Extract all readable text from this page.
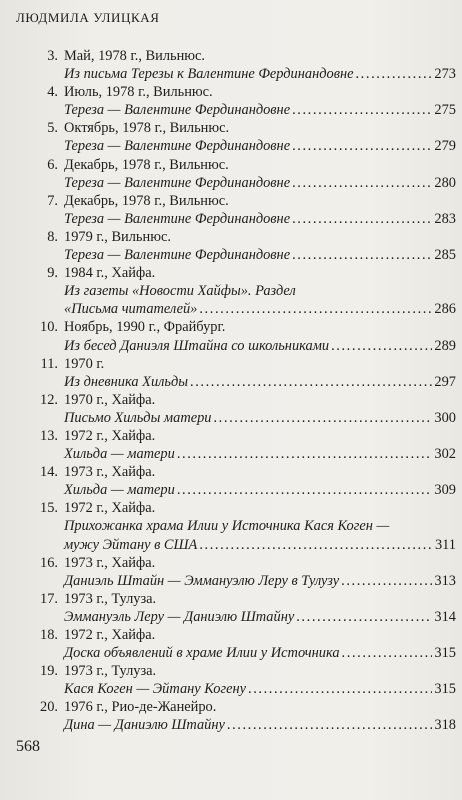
ЛЮДМИЛА УЛИЦКАЯ
3. Май, 1978 г., Вильнюс.
Из письма Терезы к Валентине Фердинандовне . . .	273
4. Июль, 1978 г., Вильнюс.
Тереза — Валентине Фердинандовне . . .	275
5. Октябрь, 1978 г., Вильнюс.
Тереза — Валентине Фердинандовне . . .	279
6. Декабрь, 1978 г., Вильнюс.
Тереза — Валентине Фердинандовне . . .	280
7. Декабрь, 1978 г., Вильнюс.
Тереза — Валентине Фердинандовне . . .	283
8. 1979 г., Вильнюс.
Тереза — Валентине Фердинандовне . . .	285
9. 1984 г., Хайфа.
Из газеты «Новости Хайфы». Раздел
«Письма читателей» . . .	286
10. Ноябрь, 1990 г., Фрайбург.
Из бесед Даниэля Штайна со школьниками . . .	289
11. 1970 г.
Из дневника Хильды . . .	297
12. 1970 г., Хайфа.
Письмо Хильды матери . . .	300
13. 1972 г., Хайфа.
Хильда — матери . . .	302
14. 1973 г., Хайфа.
Хильда — матери . . .	309
15. 1972 г., Хайфа.
Прихожанка храма Илии у Источника Кася Коген —
мужу Эйтану в США . . .	311
16. 1973 г., Хайфа.
Даниэль Штайн — Эммануэлю Леру в Тулузу . . .	313
17. 1973 г., Тулуза.
Эммануэль Леру — Даниэлю Штайну . . .	314
18. 1972 г., Хайфа.
Доска объявлений в храме Илии у Источника . . .	315
19. 1973 г., Тулуза.
Кася Коген — Эйтану Когену . . .	315
20. 1976 г., Рио-де-Жанейро.
Дина — Даниэлю Штайну . . .	318
568
